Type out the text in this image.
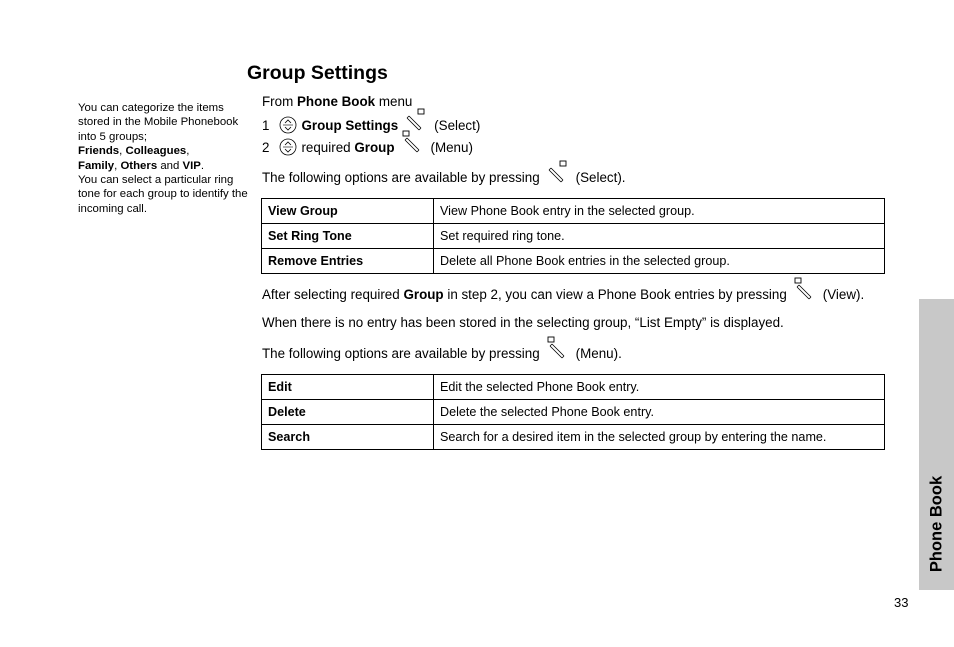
Group Settings
You can categorize the items stored in the Mobile Phonebook into 5 groups;
Friends, Colleagues,
Family, Others and VIP.
You can select a particular ring tone for each group to identify the incoming call.
From
Phone Book
menu
1 Group Settings	(Select)
2 required
Group	(Menu)
The following options are available by pressing	(Select).
View Group	View Phone Book entry in the selected group.
Set Ring Tone	Set required ring tone.
Remove Entries	Delete all Phone Book entries in the selected group.
After selecting required
Group
in step 2, you can view a Phone Book entries by pressing	(View).
When there is no entry has been stored in the selecting group, “List Empty” is displayed.
The following options are available by pressing	(Menu).
Edit	Edit the selected Phone Book entry.
Delete	Delete the selected Phone Book entry.
Search	Search for a desired item in the selected group by entering the name.
Phone Book
33
